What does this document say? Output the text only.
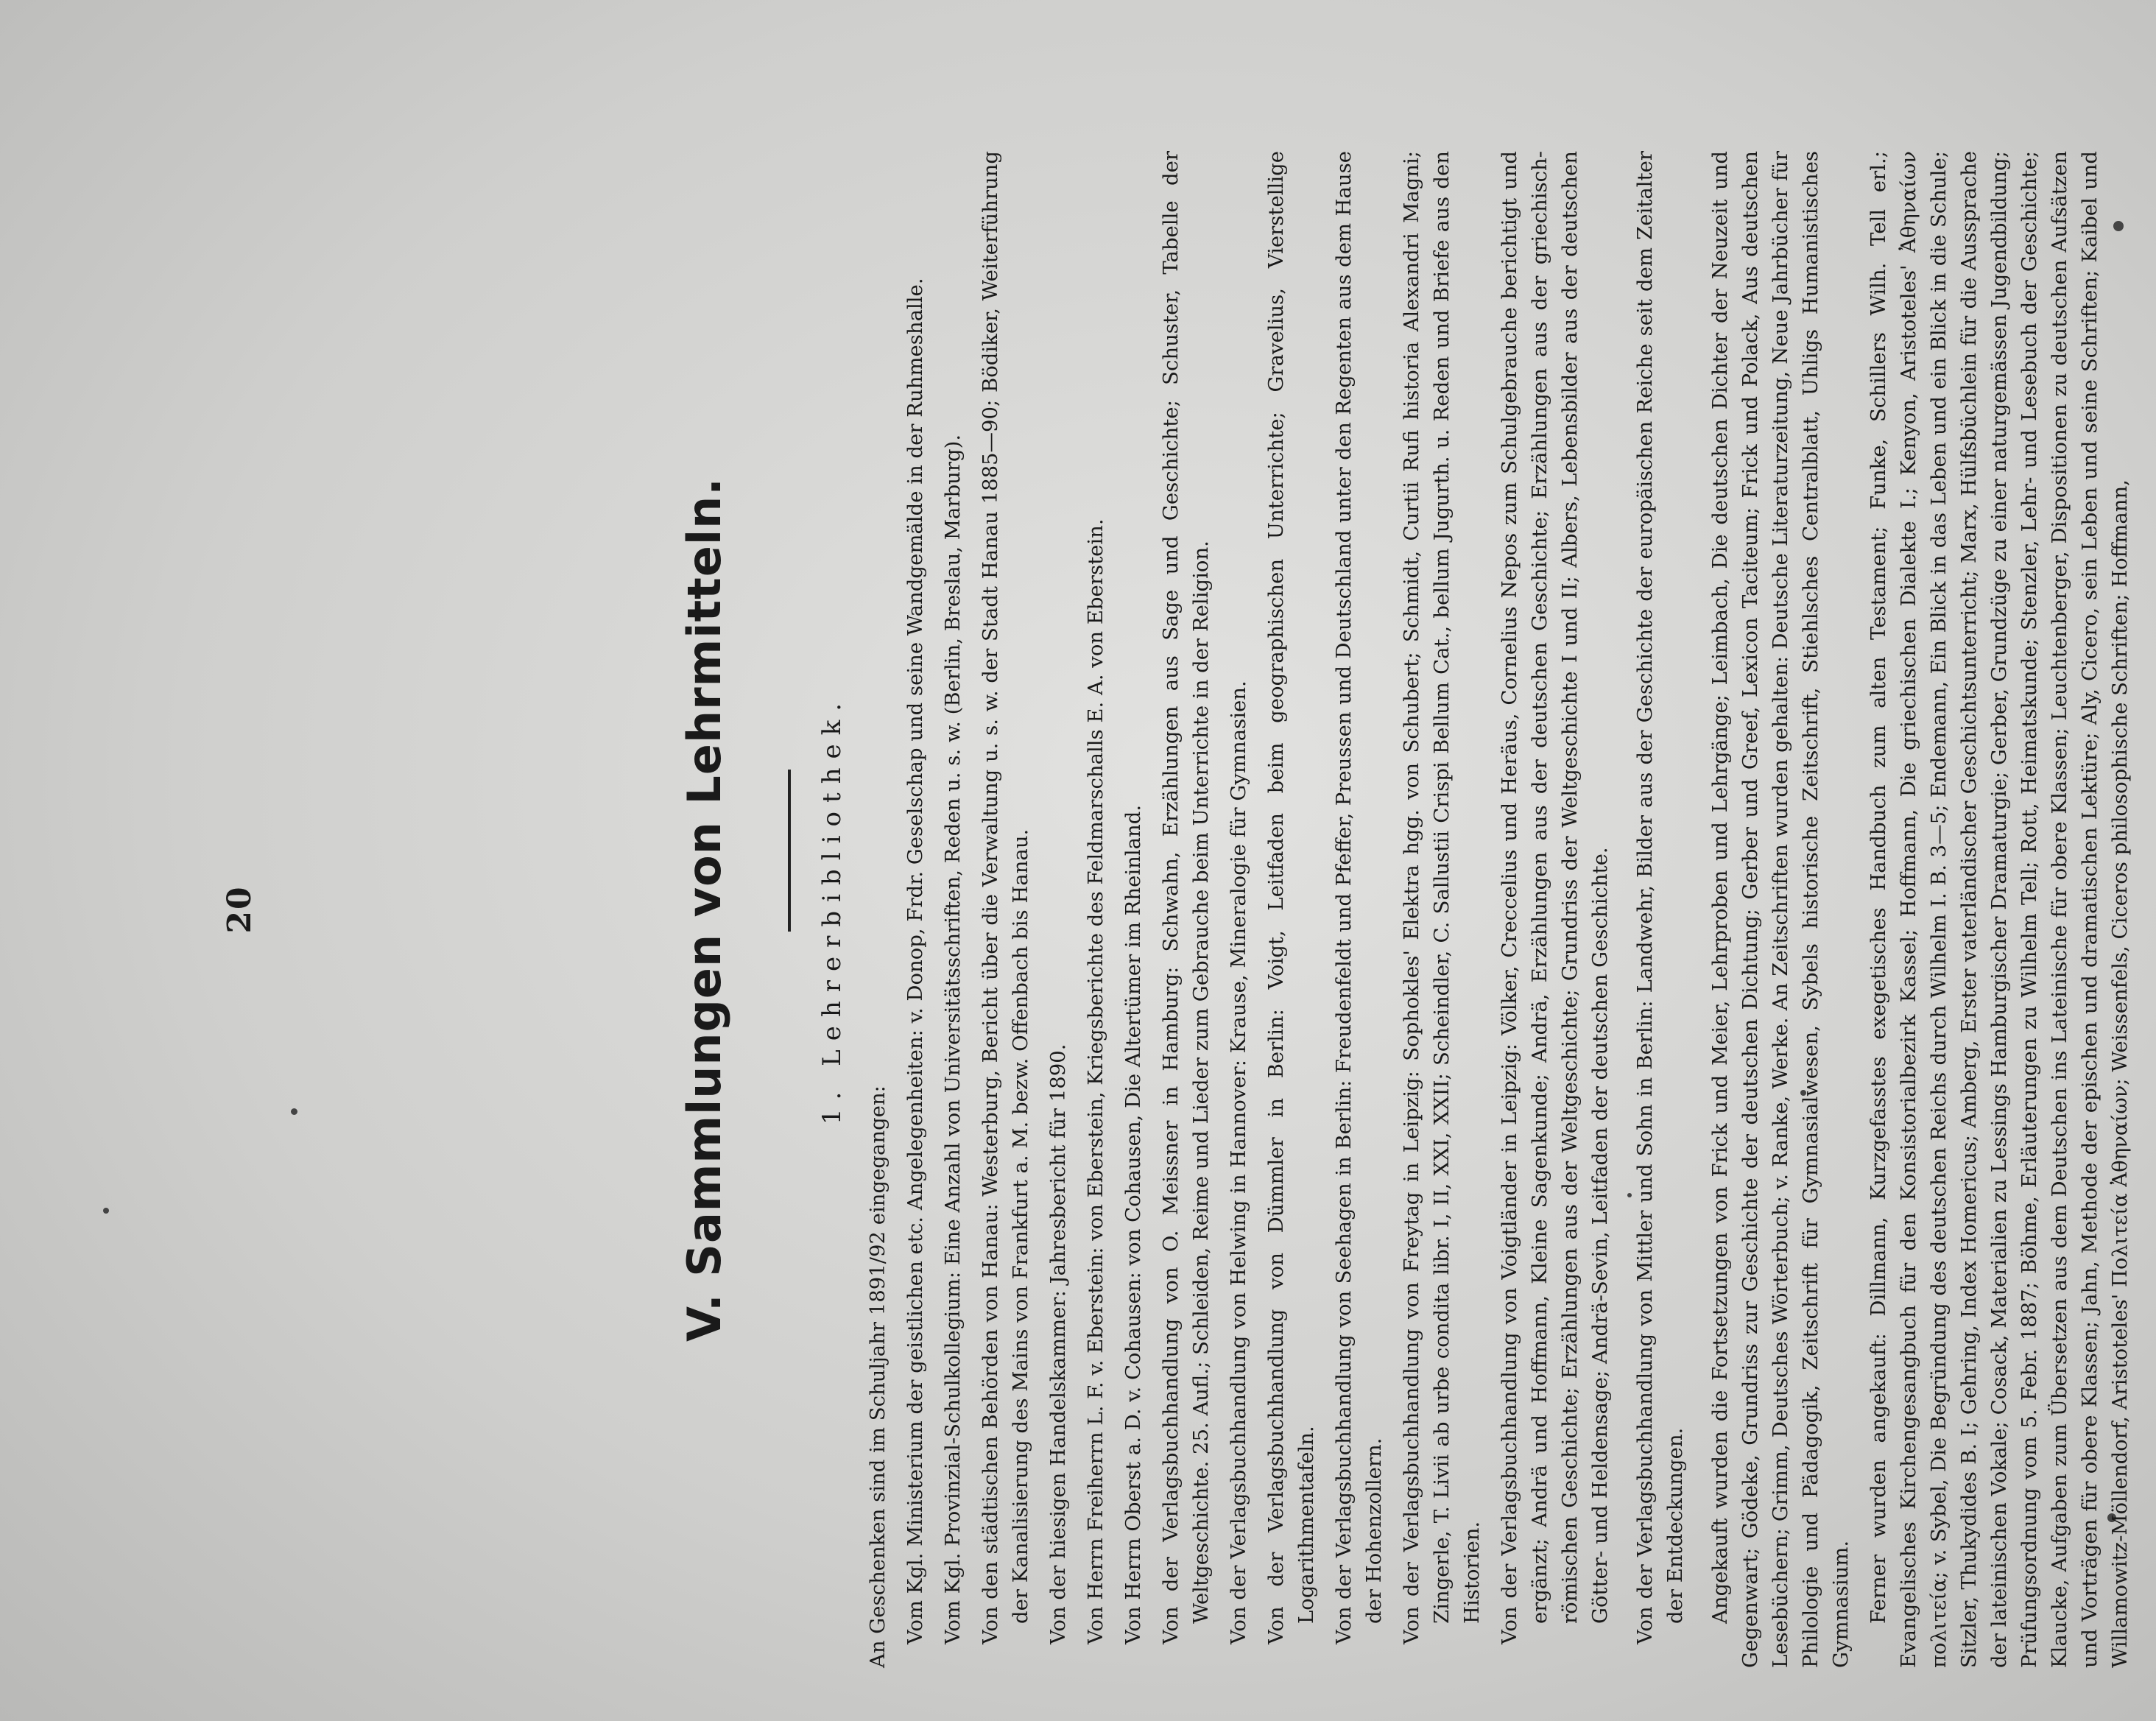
20	V. Sammlungen von Lehrmitteln.	1. Lehrerbibliothek.

An Geschenken sind im Schuljahr 1891/92 eingegangen: Vom Kgl. Ministerium der geistlichen etc. Angelegenheiten: v. Donop, Frdr. Geselschap und seine Wandgemälde in der Ruhmeshalle. Vom Kgl. Provinzial-Schulkollegium: Eine Anzahl von Universitätsschriften, Reden u. s. w. (Berlin, Breslau, Marburg). Von den städtischen Behörden von Hanau: Westerburg, Bericht über die Verwaltung u. s. w. der Stadt Hanau 1885—90; Bödiker, Weiterführung der Kanalisierung des Mains von Frankfurt a. M. bezw. Offenbach bis Hanau. Von der hiesigen Handelskammer: Jahresbericht für 1890. Von Herrn Freiherrn L. F. v. Eberstein: von Eberstein, Kriegsberichte des Feldmarschalls E. A. von Eberstein. Von Herrn Oberst a. D. v. Cohausen: von Cohausen, Die Altertümer im Rheinland. Von der Verlagsbuchhandlung von O. Meissner in Hamburg: Schwahn, Erzählungen aus Sage und Geschichte; Schuster, Tabelle der Weltgeschichte. 25. Aufl.; Schleiden, Reime und Lieder zum Gebrauche beim Unterrichte in der Religion. Von der Verlagsbuchhandlung von Helwing in Hannover: Krause, Mineralogie für Gymnasien. Von der Verlagsbuchhandlung von Dümmler in Berlin: Voigt, Leitfaden beim geographischen Unterrichte; Gravelius, Vierstellige Logarithmentafeln. Von der Verlagsbuchhandlung von Seehagen in Berlin: Freudenfeldt und Pfeffer, Preussen und Deutschland unter den Regenten aus dem Hause der Hohenzollern. Von der Verlagsbuchhandlung von Freytag in Leipzig: Sophokles' Elektra hgg. von Schubert; Schmidt, Curtii Rufi historia Alexandri Magni; Zingerle, T. Livii ab urbe condita libr. I, II, XXI, XXII; Scheindler, C. Sallustii Crispi Bellum Cat., bellum Jugurth. u. Reden und Briefe aus den Historien. Von der Verlagsbuchhandlung von Voigtländer in Leipzig: Völker, Creccelius und Heräus, Cornelius Nepos zum Schulgebrauche berichtigt und ergänzt; Andrä und Hoffmann, Kleine Sagenkunde; Andrä, Erzählungen aus der deutschen Geschichte; Erzählungen aus der griechisch-römischen Geschichte; Erzählungen aus der Weltgeschichte; Grundriss der Weltgeschichte I und II; Albers, Lebensbilder aus der deutschen Götter- und Heldensage; Andrä-Sevin, Leitfaden der deutschen Geschichte. Von der Verlagsbuchhandlung von Mittler und Sohn in Berlin: Landwehr, Bilder aus der Geschichte der europäischen Reiche seit dem Zeitalter der Entdeckungen. Angekauft wurden die Fortsetzungen von Frick und Meier, Lehrproben und Lehrgänge; Leimbach, Die deutschen Dichter der Neuzeit und Gegenwart; Gödeke, Grundriss zur Geschichte der deutschen Dichtung; Gerber und Greef, Lexicon Taciteum; Frick und Polack, Aus deutschen Lesebüchern; Grimm, Deutsches Wörterbuch; v. Ranke, Werke. An Zeitschriften wurden gehalten: Deutsche Literaturzeitung, Neue Jahrbücher für Philologie und Pädagogik, Zeitschrift für Gymnasialwesen, Sybels historische Zeitschrift, Stiehlsches Centralblatt, Uhligs Humanistisches Gymnasium. Ferner wurden angekauft: Dillmann, Kurzgefasstes exegetisches Handbuch zum alten Testament; Funke, Schillers Wilh. Tell erl.; Evangelisches Kirchengesangbuch für den Konsistorialbezirk Kassel; Hoffmann, Die griechischen Dialekte I.; Kenyon, Aristoteles' Ἀθηναίων πολιτεία; v. Sybel, Die Begründung des deutschen Reichs durch Wilhelm I. B. 3—5; Endemann, Ein Blick in das Leben und ein Blick in die Schule; Sitzler, Thukydides B. I; Gehring, Index Homericus; Amberg, Erster vaterländischer Geschichtsunterricht; Marx, Hülfsbüchlein für die Aussprache der lateinischen Vokale; Cosack, Materialien zu Lessings Hamburgischer Dramaturgie; Gerber, Grundzüge zu einer naturgemässen Jugendbildung; Prüfungsordnung vom 5. Febr. 1887; Böhme, Erläuterungen zu Wilhelm Tell; Rott, Heimatskunde; Stenzler, Lehr- und Lesebuch der Geschichte; Klaucke, Aufgaben zum Übersetzen aus dem Deutschen ins Lateinische für obere Klassen; Leuchtenberger, Dispositionen zu deutschen Aufsätzen und Vorträgen für obere Klassen; Jahn, Methode der epischen und dramatischen Lektüre; Aly, Cicero, sein Leben und seine Schriften; Kaibel und Willamowitz-Möllendorf, Aristoteles' Πολιτεία Ἀθηναίων; Weissenfels, Ciceros philosophische Schriften; Hoffmann,
